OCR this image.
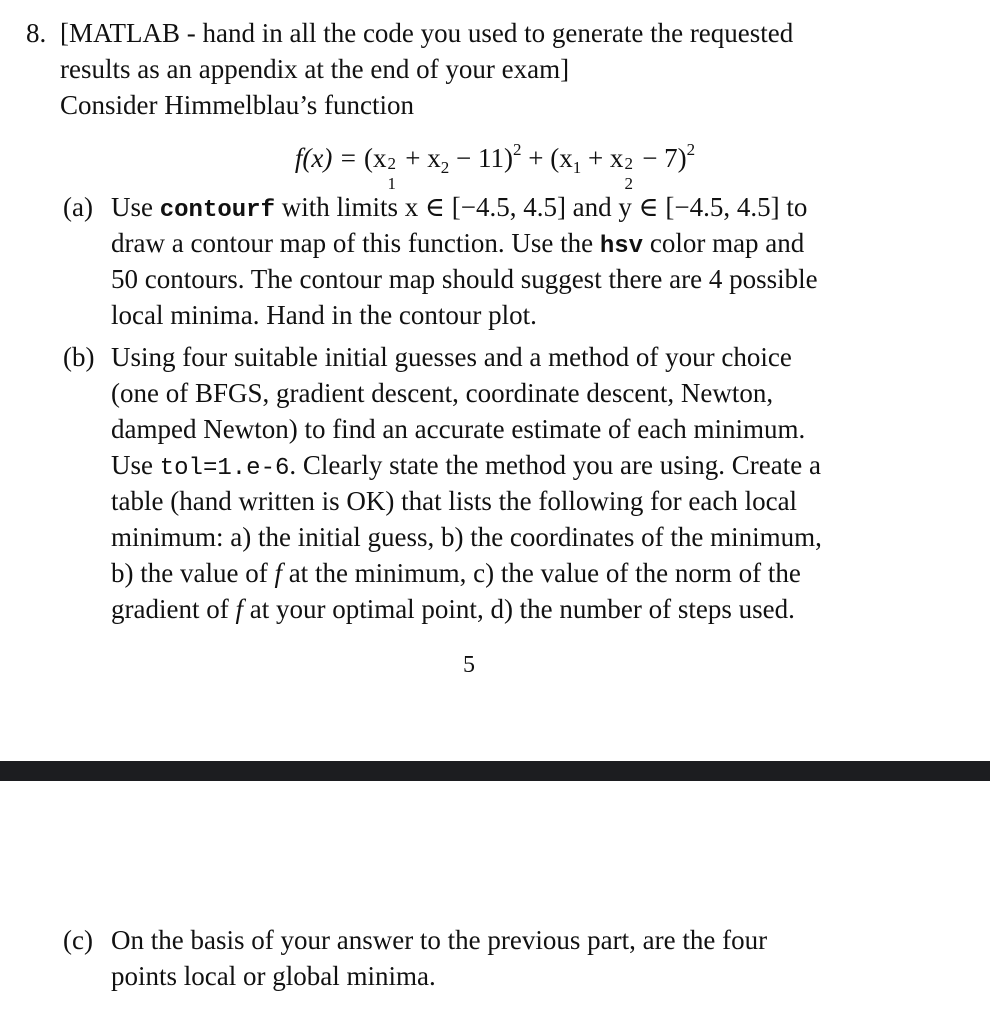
8. [MATLAB - hand in all the code you used to generate the requested
results as an appendix at the end of your exam]
Consider Himmelblau’s function
f(x) = (x 2
1
+ $x_2 - 11)^2 + (x_1 + x$ 2
2
− 7)$^2$
(a) Use contourf with limits x ∈ [−4.5, 4.5] and y ∈ [−4.5, 4.5] to
draw a contour map of this function. Use the hsv color map and
50 contours. The contour map should suggest there are 4 possible
local minima. Hand in the contour plot.
(b) Using four suitable initial guesses and a method of your choice
(one of BFGS, gradient descent, coordinate descent, Newton,
damped Newton) to find an accurate estimate of each minimum.
Use tol=1.e-6. Clearly state the method you are using. Create a
table (hand written is OK) that lists the following for each local
minimum: a) the initial guess, b) the coordinates of the minimum,
b) the value of f at the minimum, c) the value of the norm of the
gradient of f at your optimal point, d) the number of steps used.
5
(c) On the basis of your answer to the previous part, are the four
points local or global minima.
